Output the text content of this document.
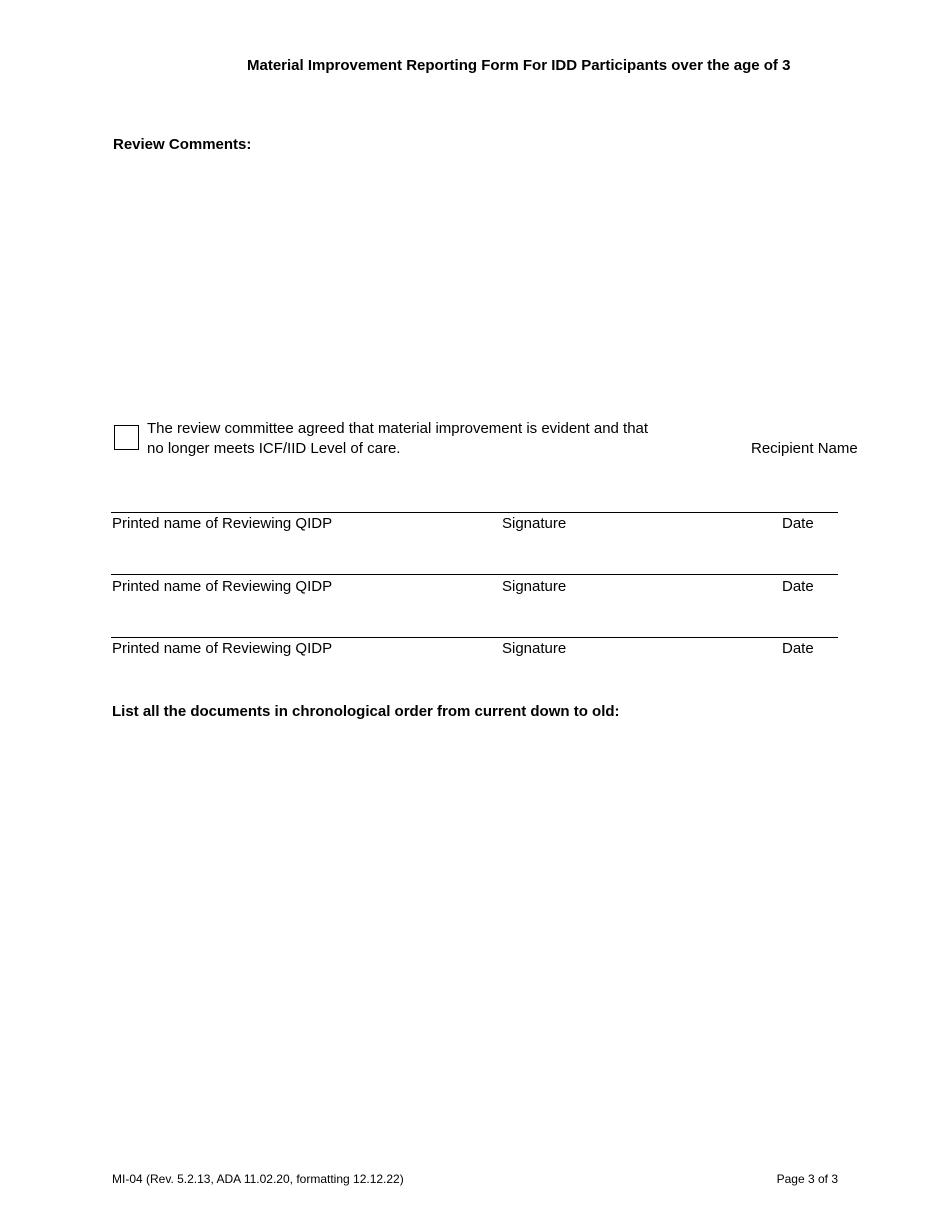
Material Improvement Reporting Form For IDD Participants over the age of 3
Review Comments:
The review committee agreed that material improvement is evident and that
no longer meets ICF/IID Level of care.	Recipient Name
Printed name of Reviewing QIDP	Signature	Date
Printed name of Reviewing QIDP	Signature	Date
Printed name of Reviewing QIDP	Signature	Date
List all the documents in chronological order from current down to old:
MI-04 (Rev. 5.2.13, ADA 11.02.20, formatting 12.12.22)	Page 3 of 3
